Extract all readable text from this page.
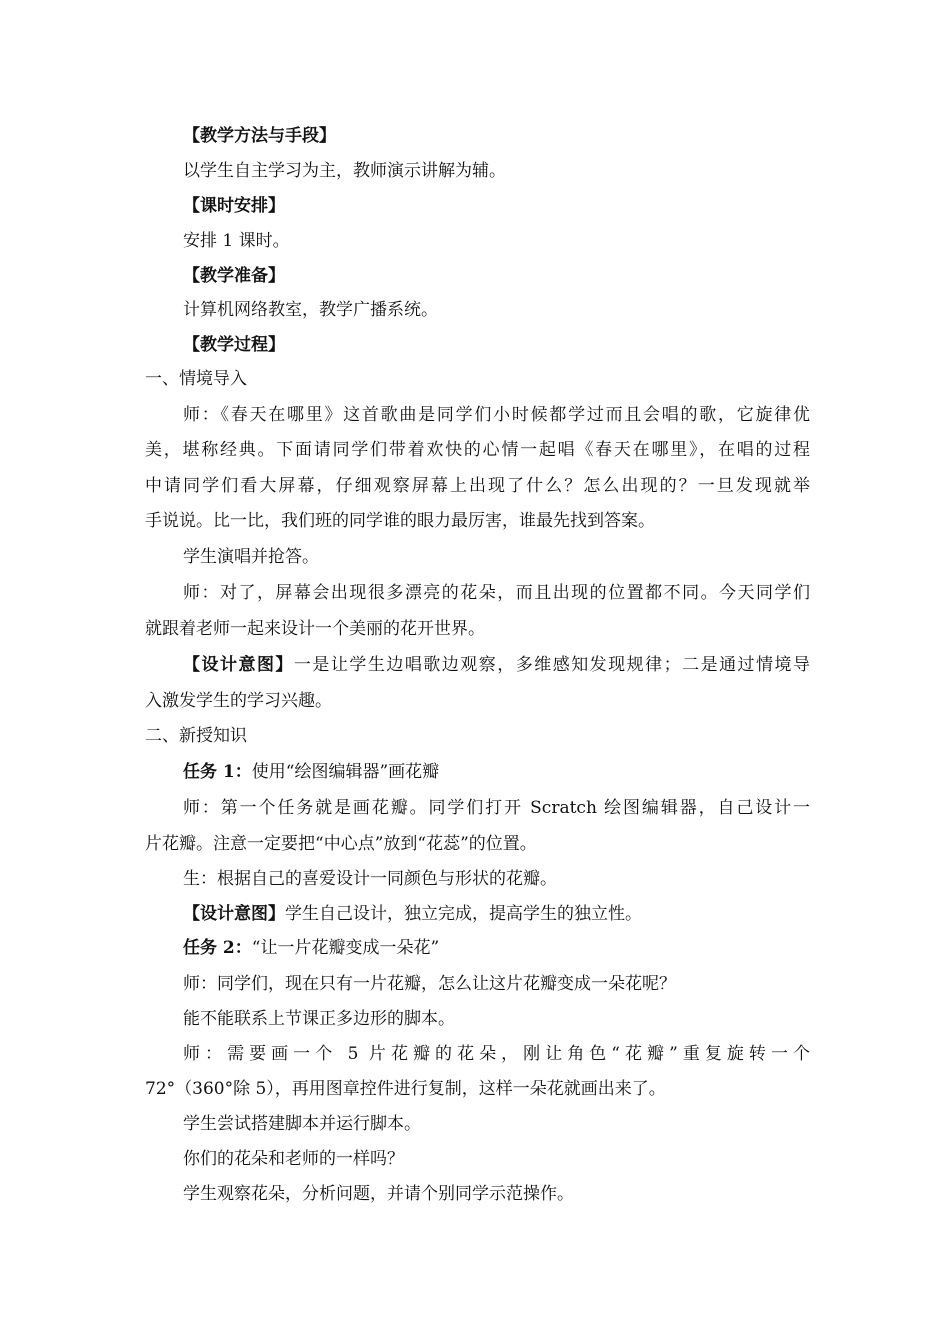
【教学方法与手段】
以学生自主学习为主，教师演示讲解为辅。
【课时安排】
安排 1 课时。
【教学准备】
计算机网络教室，教学广播系统。
【教学过程】
一、情境导入
师：《春天在哪里》这首歌曲是同学们小时候都学过而且会唱的歌，它旋律优
美，堪称经典。下面请同学们带着欢快的心情一起唱《春天在哪里》，在唱的过程
中请同学们看大屏幕，仔细观察屏幕上出现了什么？怎么出现的？一旦发现就举
手说说。比一比，我们班的同学谁的眼力最厉害，谁最先找到答案。
学生演唱并抢答。
师：对了，屏幕会出现很多漂亮的花朵，而且出现的位置都不同。今天同学们
就跟着老师一起来设计一个美丽的花开世界。
【设计意图】一是让学生边唱歌边观察，多维感知发现规律；二是通过情境导
入激发学生的学习兴趣。
二、新授知识
任务 1：使用“绘图编辑器”画花瓣
师：第一个任务就是画花瓣。同学们打开 Scratch 绘图编辑器，自己设计一
片花瓣。注意一定要把“中心点”放到“花蕊”的位置。
生：根据自己的喜爱设计一同颜色与形状的花瓣。
【设计意图】学生自己设计，独立完成，提高学生的独立性。
任务 2：“让一片花瓣变成一朵花”
师：同学们，现在只有一片花瓣，怎么让这片花瓣变成一朵花呢？
能不能联系上节课正多边形的脚本。
师：需要画一个 5 片花瓣的花朵，刚让角色“花瓣”重复旋转一个
72°（360°除 5），再用图章控件进行复制，这样一朵花就画出来了。
学生尝试搭建脚本并运行脚本。
你们的花朵和老师的一样吗？
学生观察花朵，分析问题，并请个别同学示范操作。
